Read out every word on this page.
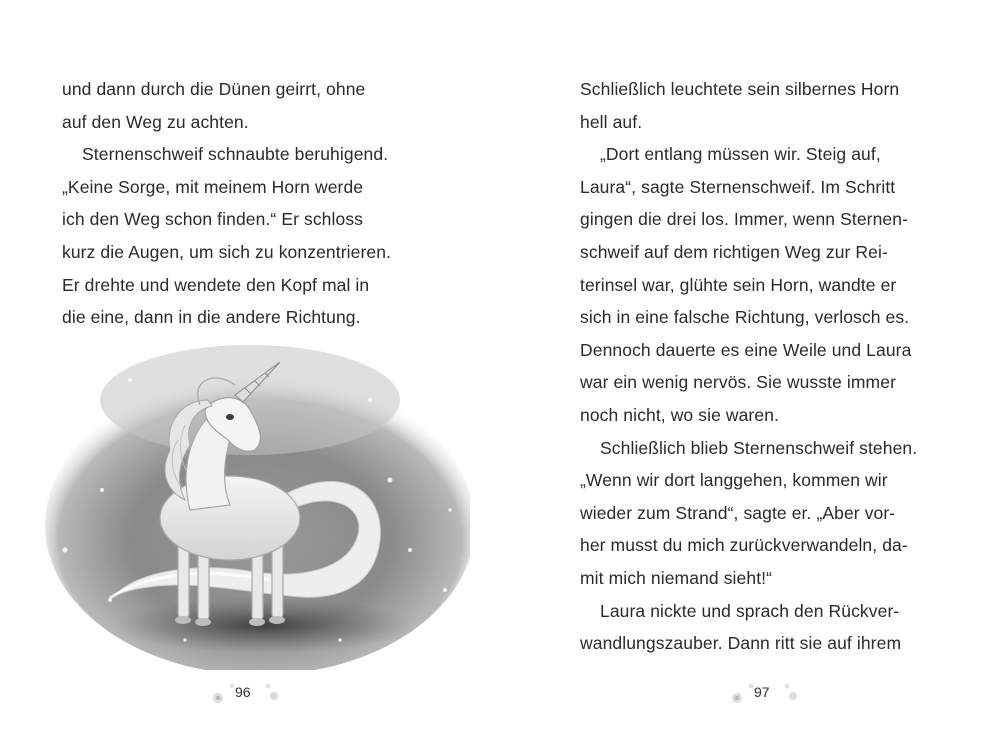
und dann durch die Dünen geirrt, ohne
auf den Weg zu achten.
Sternenschweif schnaubte beruhigend.
„Keine Sorge, mit meinem Horn werde
ich den Weg schon finden.“ Er schloss
kurz die Augen, um sich zu konzentrieren.
Er drehte und wendete den Kopf mal in
die eine, dann in die andere Richtung.
96
Schließlich leuchtete sein silbernes Horn
hell auf.
„Dort entlang müssen wir. Steig auf,
Laura“, sagte Sternenschweif. Im Schritt
gingen die drei los. Immer, wenn Sternen-
schweif auf dem richtigen Weg zur Rei-
terinsel war, glühte sein Horn, wandte er
sich in eine falsche Richtung, verlosch es.
Dennoch dauerte es eine Weile und Laura
war ein wenig nervös. Sie wusste immer
noch nicht, wo sie waren.
Schließlich blieb Sternenschweif stehen.
„Wenn wir dort langgehen, kommen wir
wieder zum Strand“, sagte er. „Aber vor-
her musst du mich zurückverwandeln, da-
mit mich niemand sieht!“
Laura nickte und sprach den Rückver-
wandlungszauber. Dann ritt sie auf ihrem
97
